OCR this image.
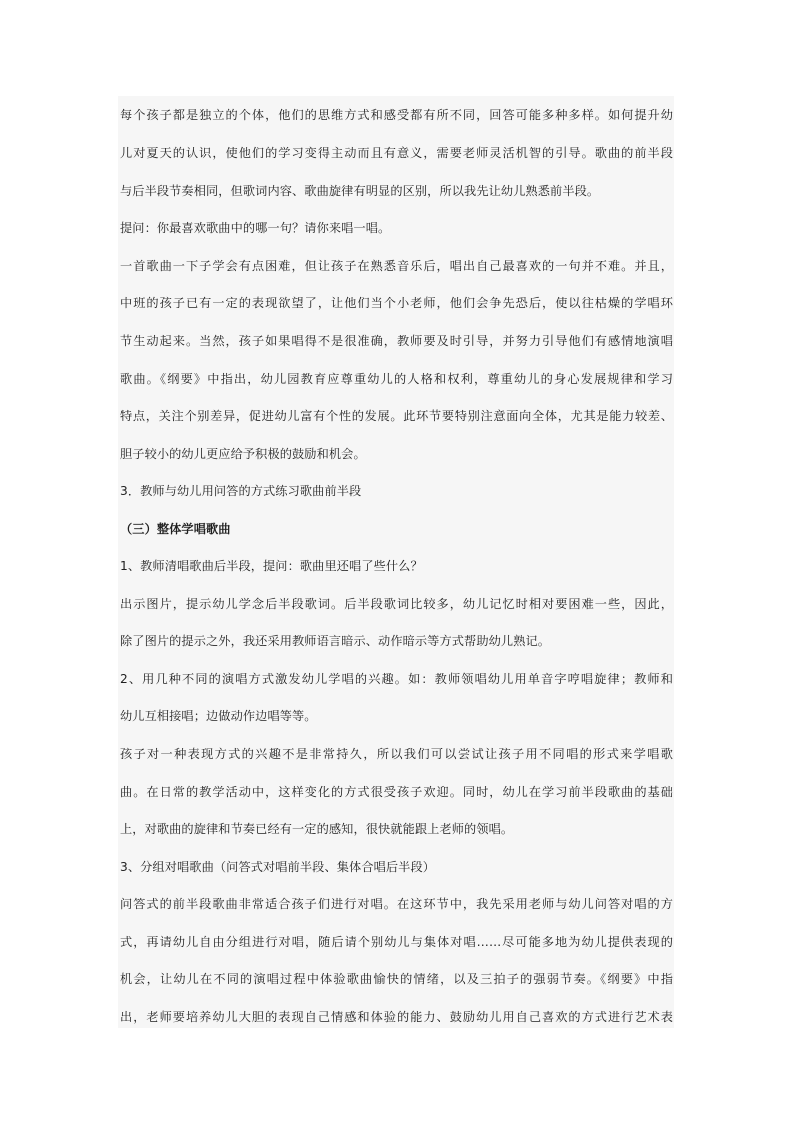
每个孩子都是独立的个体，他们的思维方式和感受都有所不同，回答可能多种多样。如何提升幼
儿对夏天的认识，使他们的学习变得主动而且有意义，需要老师灵活机智的引导。歌曲的前半段
与后半段节奏相同，但歌词内容、歌曲旋律有明显的区别，所以我先让幼儿熟悉前半段。
提问：你最喜欢歌曲中的哪一句？请你来唱一唱。
一首歌曲一下子学会有点困难，但让孩子在熟悉音乐后，唱出自己最喜欢的一句并不难。并且，
中班的孩子已有一定的表现欲望了，让他们当个小老师，他们会争先恐后，使以往枯燥的学唱环
节生动起来。当然，孩子如果唱得不是很准确，教师要及时引导，并努力引导他们有感情地演唱
歌曲。《纲要》中指出，幼儿园教育应尊重幼儿的人格和权利，尊重幼儿的身心发展规律和学习
特点，关注个别差异，促进幼儿富有个性的发展。此环节要特别注意面向全体，尤其是能力较差、
胆子较小的幼儿更应给予积极的鼓励和机会。
3．教师与幼儿用问答的方式练习歌曲前半段
（三）整体学唱歌曲
1、教师清唱歌曲后半段，提问：歌曲里还唱了些什么？
出示图片，提示幼儿学念后半段歌词。后半段歌词比较多，幼儿记忆时相对要困难一些，因此，
除了图片的提示之外，我还采用教师语言暗示、动作暗示等方式帮助幼儿熟记。
2、用几种不同的演唱方式激发幼儿学唱的兴趣。如：教师领唱幼儿用单音字哼唱旋律；教师和
幼儿互相接唱；边做动作边唱等等。
孩子对一种表现方式的兴趣不是非常持久，所以我们可以尝试让孩子用不同唱的形式来学唱歌
曲。在日常的教学活动中，这样变化的方式很受孩子欢迎。同时，幼儿在学习前半段歌曲的基础
上，对歌曲的旋律和节奏已经有一定的感知，很快就能跟上老师的领唱。
3、分组对唱歌曲（问答式对唱前半段、集体合唱后半段）
问答式的前半段歌曲非常适合孩子们进行对唱。在这环节中，我先采用老师与幼儿问答对唱的方
式，再请幼儿自由分组进行对唱，随后请个别幼儿与集体对唱……尽可能多地为幼儿提供表现的
机会，让幼儿在不同的演唱过程中体验歌曲愉快的情绪，以及三拍子的强弱节奏。《纲要》中指
出，老师要培养幼儿大胆的表现自己情感和体验的能力、鼓励幼儿用自己喜欢的方式进行艺术表
